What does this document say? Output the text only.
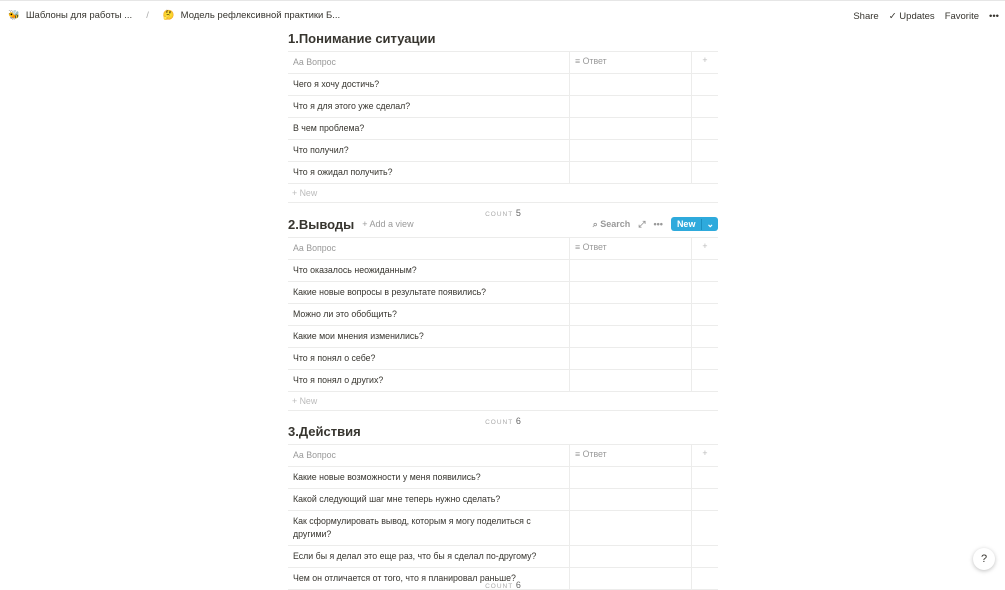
🐝 Шаблоны для работы ... / 🤔 Модель рефлексивной практики Б...	Share ✓ Updates Favorite •••
1.Понимание ситуации
Aa Вопрос	≡ Ответ	+
Чего я хочу достичь?
Что я для этого уже сделал?
В чем проблема?
Что получил?
Что я ожидал получить?
+ New
COUNT 5
2.Выводы + Add a view	⌕ Search ⤢ •••	New	⌄
Aa Вопрос	≡ Ответ	+
Что оказалось неожиданным?
Какие новые вопросы в результате появились?
Можно ли это обобщить?
Какие мои мнения изменились?
Что я понял о себе?
Что я понял о других?
+ New
COUNT 6
COUNT 6
3.Действия
Aa Вопрос	≡ Ответ	+
Какие новые возможности у меня появились?
Какой следующий шаг мне теперь нужно сделать?
Как сформулировать вывод, которым я могу поделиться с другими?
Если бы я делал это еще раз, что бы я сделал по-другому?
Чем он отличается от того, что я планировал раньше?
?
